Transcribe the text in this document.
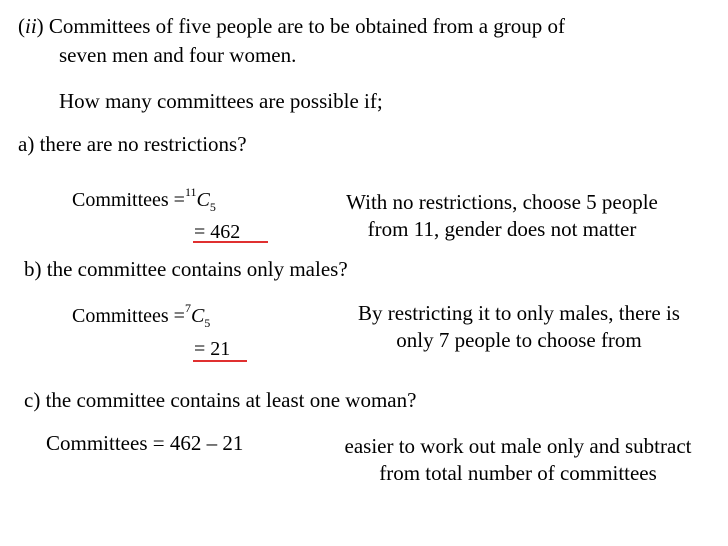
(ii) Committees of five people are to be obtained from a group of
seven men and four women.
How many committees are possible if;
a) there are no restrictions?
Committees $=^{11}C_5$
= 462
With no restrictions, choose 5 people
from 11, gender does not matter
b) the committee contains only males?
Committees $=^7C_5$
= 21
By restricting it to only males, there is
only 7 people to choose from
c) the committee contains at least one woman?
Committees = 462 – 21	easier to work out male only and subtract
from total number of committees
